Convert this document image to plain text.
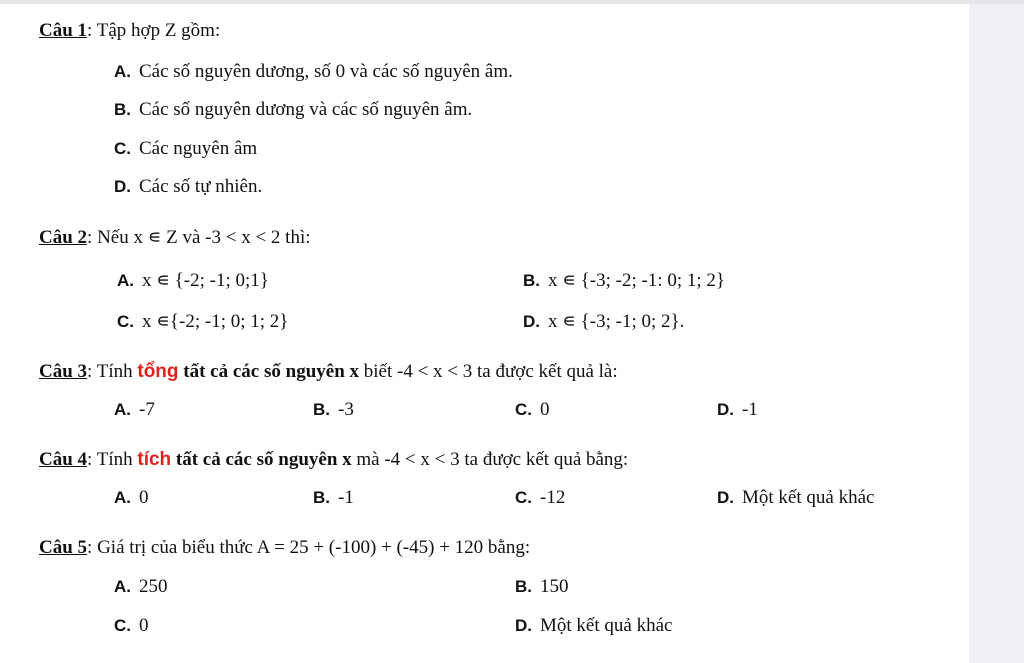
Câu 1: Tập hợp Z gồm:
A. Các số nguyên dương, số 0 và các số nguyên âm.
B. Các số nguyên dương và các số nguyên âm.
C. Các nguyên âm
D. Các số tự nhiên.
Câu 2: Nếu x ∊ Z và -3 < x < 2 thì:
A. x ∊ {-2; -1; 0;1}	B. x ∊ {-3; -2; -1: 0; 1; 2}
C. x ∊{-2; -1; 0; 1; 2}	D. x ∊ {-3; -1; 0; 2}.
Câu 3: Tính tổng tất cả các số nguyên x biết -4 < x < 3 ta được kết quả là:
A. -7	B. -3	C. 0	D. -1
Câu 4: Tính tích tất cả các số nguyên x mà -4 < x < 3 ta được kết quả bằng:
A. 0	B. -1	C. -12	D. Một kết quả khác
Câu 5: Giá trị của biểu thức A = 25 + (-100) + (-45) + 120 bằng:
A. 250	B. 150
C. 0	D. Một kết quả khác
